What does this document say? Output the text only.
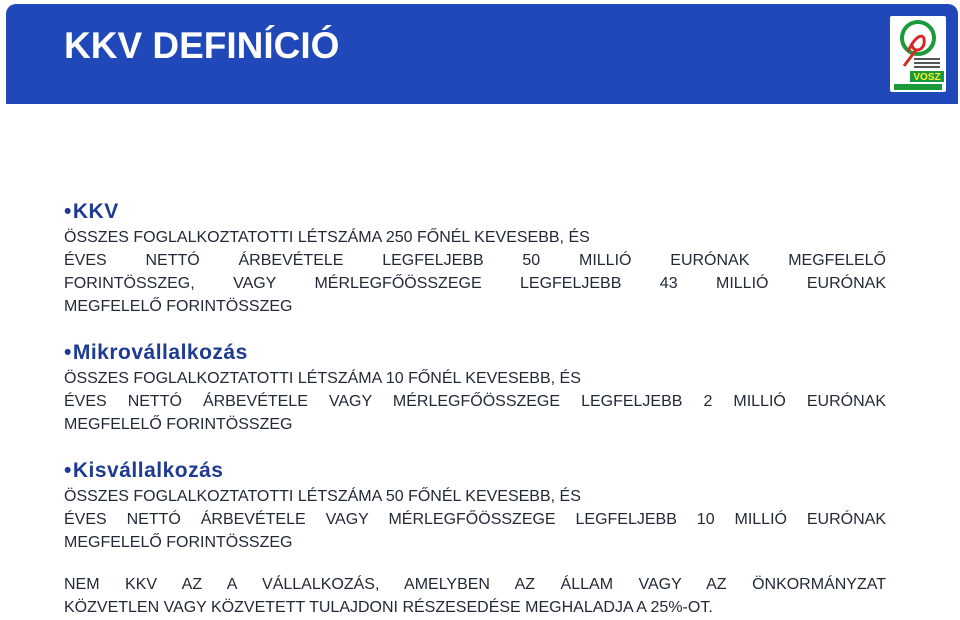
KKV DEFINÍCIÓ
VOSZ
•KKV

ÖSSZES FOGLALKOZTATOTTI LÉTSZÁMA 250 FŐNÉL KEVESEBB, ÉS

ÉVES NETTÓ ÁRBEVÉTELE LEGFELJEBB 50 MILLIÓ EURÓNAK MEGFELELŐ

FORINTÖSSZEG, VAGY MÉRLEGFŐÖSSZEGE LEGFELJEBB 43 MILLIÓ EURÓNAK

MEGFELELŐ FORINTÖSSZEG

•Mikrovállalkozás

ÖSSZES FOGLALKOZTATOTTI LÉTSZÁMA 10 FŐNÉL KEVESEBB, ÉS

ÉVES NETTÓ ÁRBEVÉTELE VAGY MÉRLEGFŐÖSSZEGE LEGFELJEBB 2 MILLIÓ EURÓNAK

MEGFELELŐ FORINTÖSSZEG

•Kisvállalkozás

ÖSSZES FOGLALKOZTATOTTI LÉTSZÁMA 50 FŐNÉL KEVESEBB, ÉS

ÉVES NETTÓ ÁRBEVÉTELE VAGY MÉRLEGFŐÖSSZEGE LEGFELJEBB 10 MILLIÓ EURÓNAK

MEGFELELŐ FORINTÖSSZEG

NEM KKV AZ A VÁLLALKOZÁS, AMELYBEN AZ ÁLLAM VAGY AZ ÖNKORMÁNYZAT

KÖZVETLEN VAGY KÖZVETETT TULAJDONI RÉSZESEDÉSE MEGHALADJA A 25%-OT.
